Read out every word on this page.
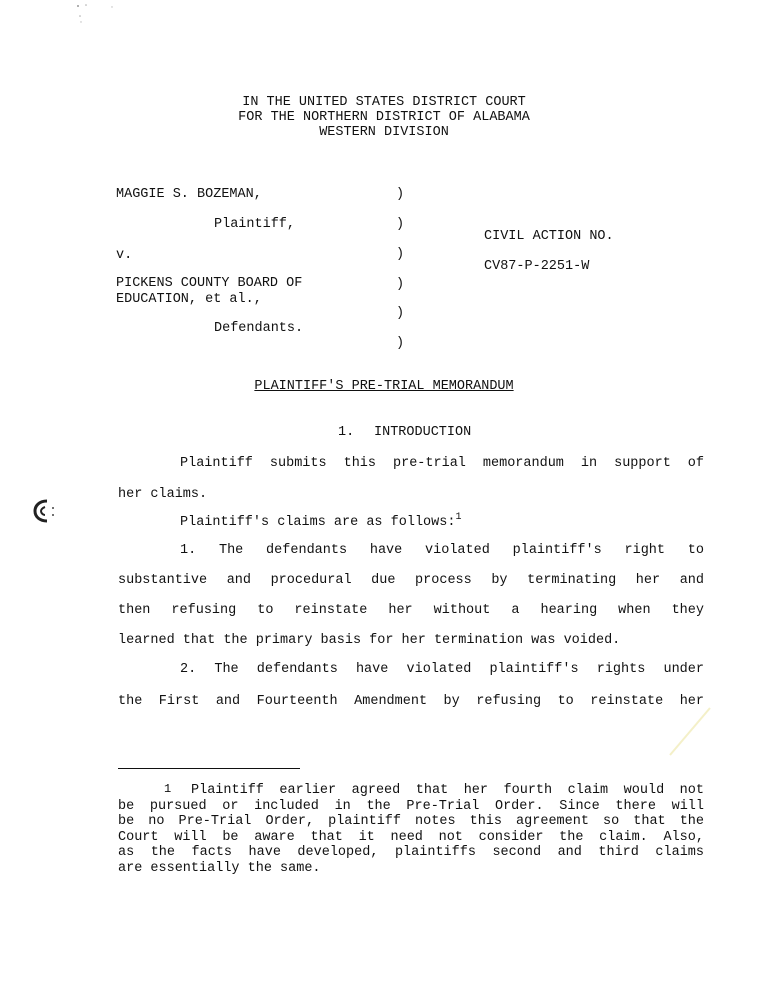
IN THE UNITED STATES DISTRICT COURT
FOR THE NORTHERN DISTRICT OF ALABAMA
WESTERN DIVISION
MAGGIE S. BOZEMAN,
Plaintiff,
v.
PICKENS COUNTY BOARD OF
EDUCATION, et al.,
Defendants.
)
)
)
)
)
)
CIVIL ACTION NO.
CV87-P-2251-W
PLAINTIFF'S PRE-TRIAL MEMORANDUM
1. INTRODUCTION
Plaintiff submits this pre-trial memorandum in support of
her claims.
Plaintiff's claims are as follows:$^1$
1. The defendants have violated plaintiff's right to
substantive and procedural due process by terminating her and
then refusing to reinstate her without a hearing when they
learned that the primary basis for her termination was voided.
2. The defendants have violated plaintiff's rights under
the First and Fourteenth Amendment by refusing to reinstate her
1 Plaintiff earlier agreed that her fourth claim would not
be pursued or included in the Pre-Trial Order. Since there will
be no Pre-Trial Order, plaintiff notes this agreement so that the
Court will be aware that it need not consider the claim. Also,
as the facts have developed, plaintiffs second and third claims
are essentially the same.
